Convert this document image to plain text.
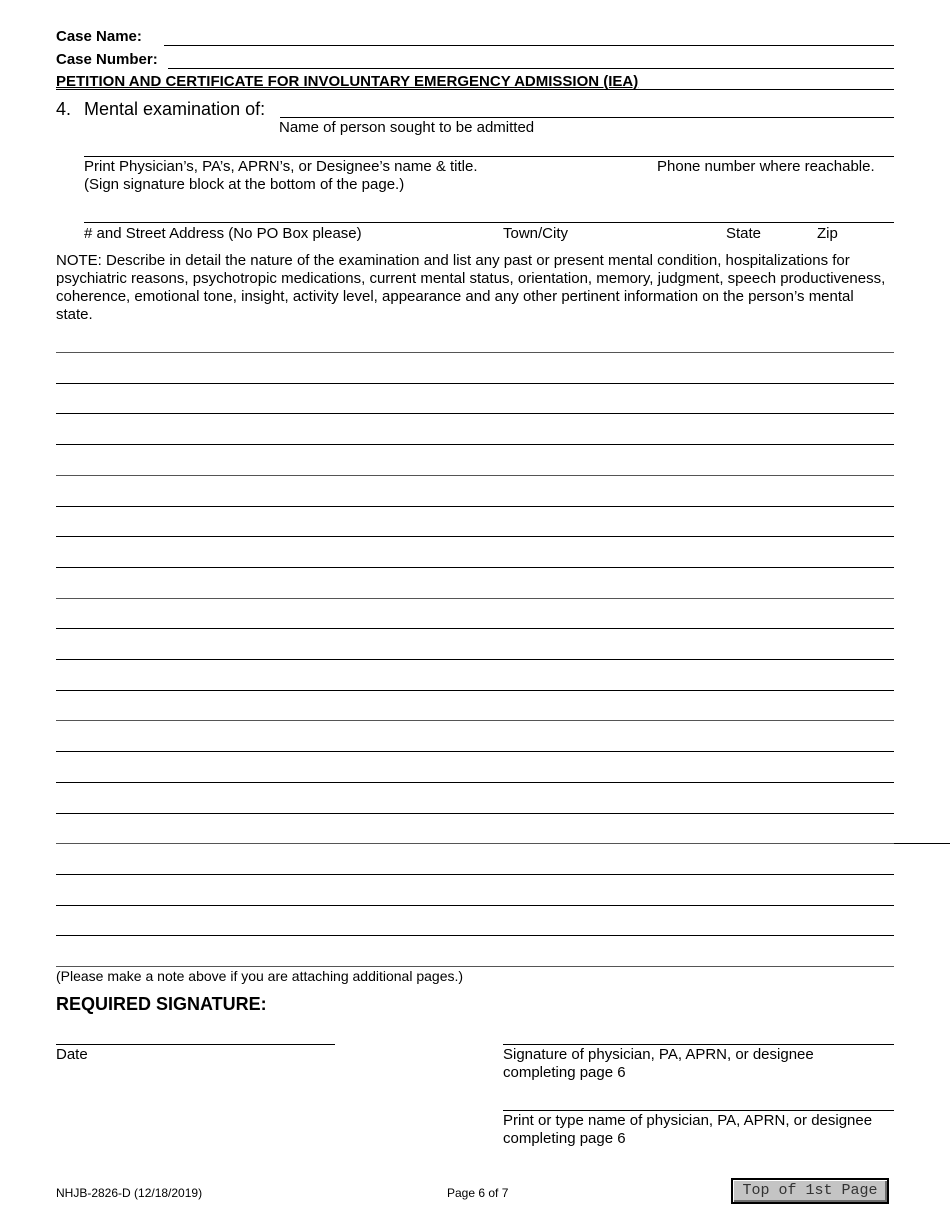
Case Name:
Case Number:
PETITION AND CERTIFICATE FOR INVOLUNTARY EMERGENCY ADMISSION (IEA)
4. Mental examination of:
Name of person sought to be admitted
Print Physician’s, PA’s, APRN’s, or Designee’s name & title.
(Sign signature block at the bottom of the page.)
Phone number where reachable.
# and Street Address (No PO Box please)	Town/City	State	Zip
NOTE: Describe in detail the nature of the examination and list any past or present mental condition, hospitalizations for psychiatric reasons, psychotropic medications, current mental status, orientation, memory, judgment, speech productiveness, coherence, emotional tone, insight, activity level, appearance and any other pertinent information on the person’s mental state.
(Please make a note above if you are attaching additional pages.)
REQUIRED SIGNATURE:
Date	Signature of physician, PA, APRN, or designee
completing page 6
Print or type name of physician, PA, APRN, or designee
completing page 6
NHJB-2826-D (12/18/2019)	Page 6 of 7	Top of 1st Page
